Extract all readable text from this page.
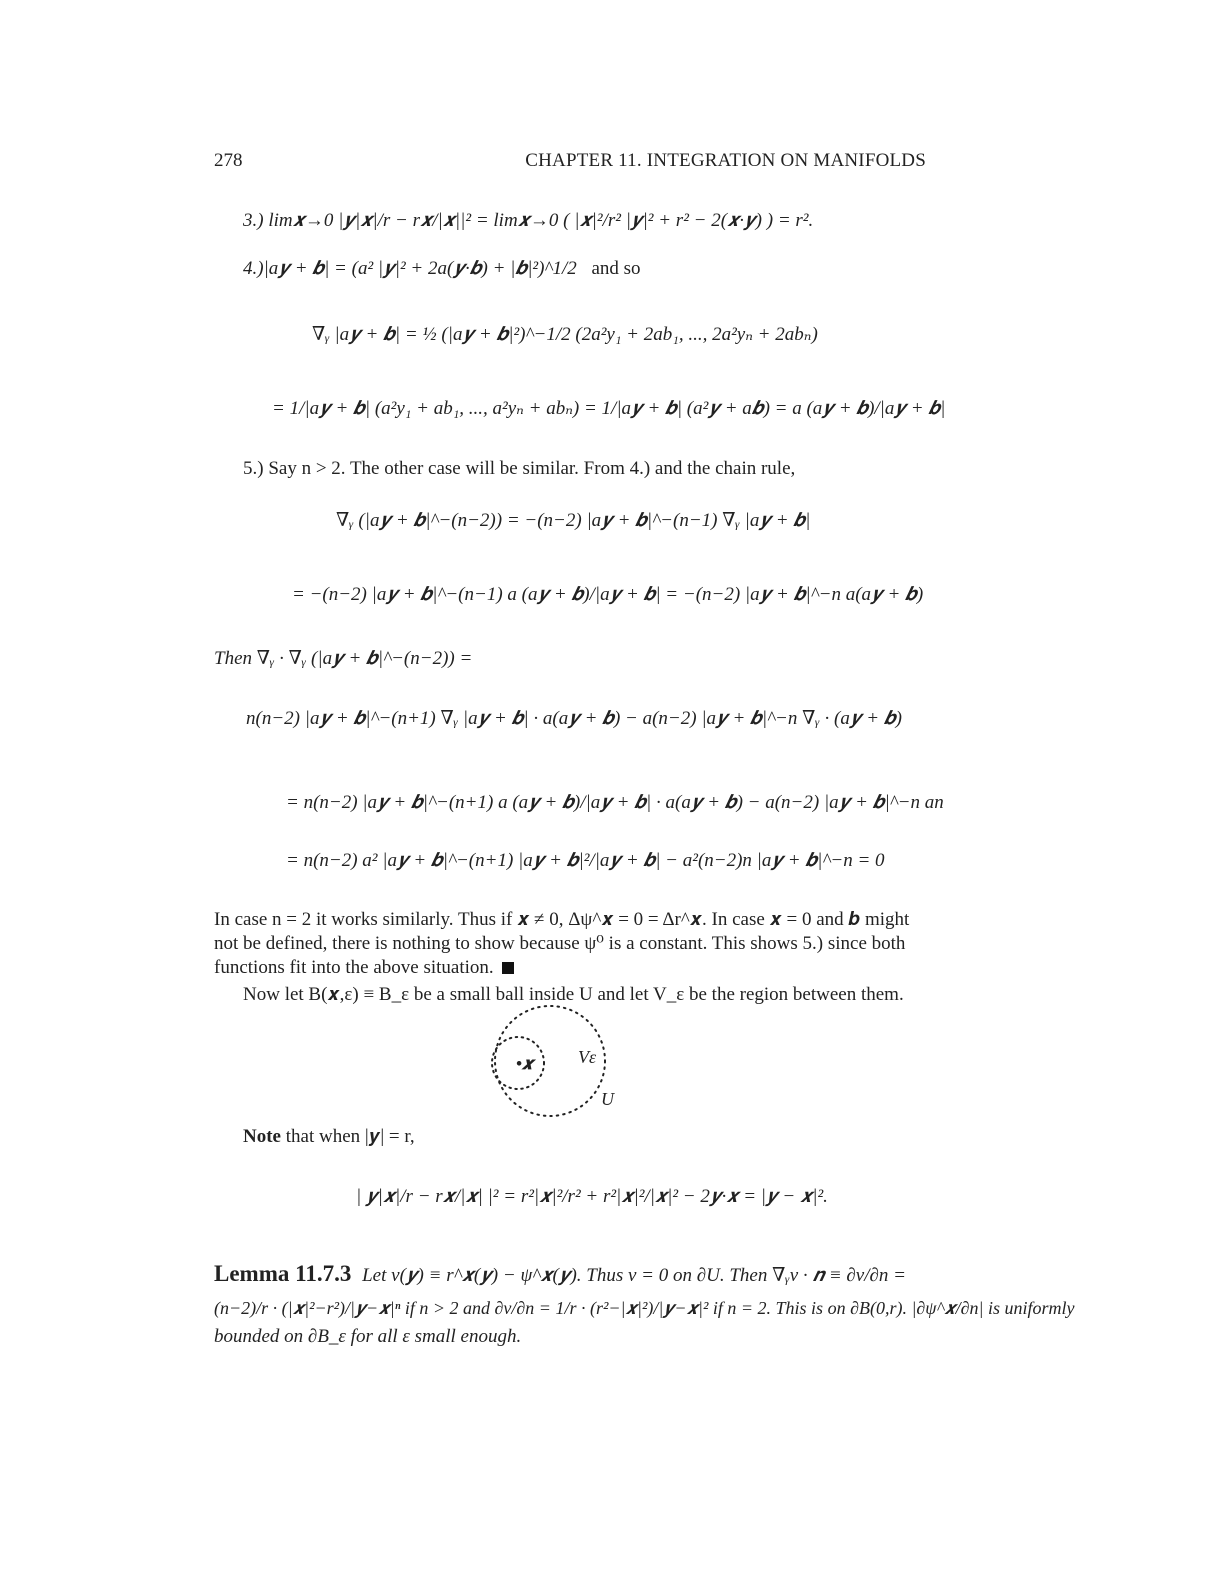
278	CHAPTER 11. INTEGRATION ON MANIFOLDS
3.) lim𝒙→0 |𝒚|𝒙|/r − r𝒙/|𝒙||² = lim𝒙→0 ( |𝒙|²/r² |𝒚|² + r² − 2(𝒙·𝒚) ) = r².
4.)|a𝒚 + 𝒃| = (a² |𝒚|² + 2a(𝒚·𝒃) + |𝒃|²)^1/2 and so
∇ᵧ |a𝒚 + 𝒃| = ½ (|a𝒚 + 𝒃|²)^−1/2 (2a²y₁ + 2ab₁, ..., 2a²yₙ + 2abₙ)
= 1/|a𝒚 + 𝒃| (a²y₁ + ab₁, ..., a²yₙ + abₙ) = 1/|a𝒚 + 𝒃| (a²𝒚 + a𝒃) = a (a𝒚 + 𝒃)/|a𝒚 + 𝒃|
5.) Say n > 2. The other case will be similar. From 4.) and the chain rule,
∇ᵧ (|a𝒚 + 𝒃|^−(n−2)) = −(n−2) |a𝒚 + 𝒃|^−(n−1) ∇ᵧ |a𝒚 + 𝒃|
= −(n−2) |a𝒚 + 𝒃|^−(n−1) a (a𝒚 + 𝒃)/|a𝒚 + 𝒃| = −(n−2) |a𝒚 + 𝒃|^−n a(a𝒚 + 𝒃)
Then ∇ᵧ · ∇ᵧ (|a𝒚 + 𝒃|^−(n−2)) =
n(n−2) |a𝒚 + 𝒃|^−(n+1) ∇ᵧ |a𝒚 + 𝒃| · a(a𝒚 + 𝒃) − a(n−2) |a𝒚 + 𝒃|^−n ∇ᵧ · (a𝒚 + 𝒃)
= n(n−2) |a𝒚 + 𝒃|^−(n+1) a (a𝒚 + 𝒃)/|a𝒚 + 𝒃| · a(a𝒚 + 𝒃) − a(n−2) |a𝒚 + 𝒃|^−n an
= n(n−2) a² |a𝒚 + 𝒃|^−(n+1) |a𝒚 + 𝒃|²/|a𝒚 + 𝒃| − a²(n−2)n |a𝒚 + 𝒃|^−n = 0
In case n = 2 it works similarly. Thus if 𝒙 ≠ 0, Δψ^𝒙 = 0 = Δr^𝒙. In case 𝒙 = 0 and 𝒃 might not be defined, there is nothing to show because ψ⁰ is a constant. This shows 5.) since both functions fit into the above situation.
Now let B(𝒙,ε) ≡ B_ε be a small ball inside U and let V_ε be the region between them.
•𝒙	Vε
U
Note that when |𝒚| = r,
| 𝒚|𝒙|/r − r𝒙/|𝒙| |² = r²|𝒙|²/r² + r²|𝒙|²/|𝒙|² − 2𝒚·𝒙 = |𝒚 − 𝒙|².
Lemma 11.7.3 Let v(𝒚) ≡ r^𝒙(𝒚) − ψ^𝒙(𝒚). Thus v = 0 on ∂U. Then ∇ᵧv · 𝒏 ≡ ∂v/∂n =
(n−2)/r · (|𝒙|²−r²)/|𝒚−𝒙|ⁿ if n > 2 and ∂v/∂n = 1/r · (r²−|𝒙|²)/|𝒚−𝒙|² if n = 2. This is on ∂B(0,r). |∂ψ^𝒙/∂n| is uniformly
bounded on ∂B_ε for all ε small enough.
